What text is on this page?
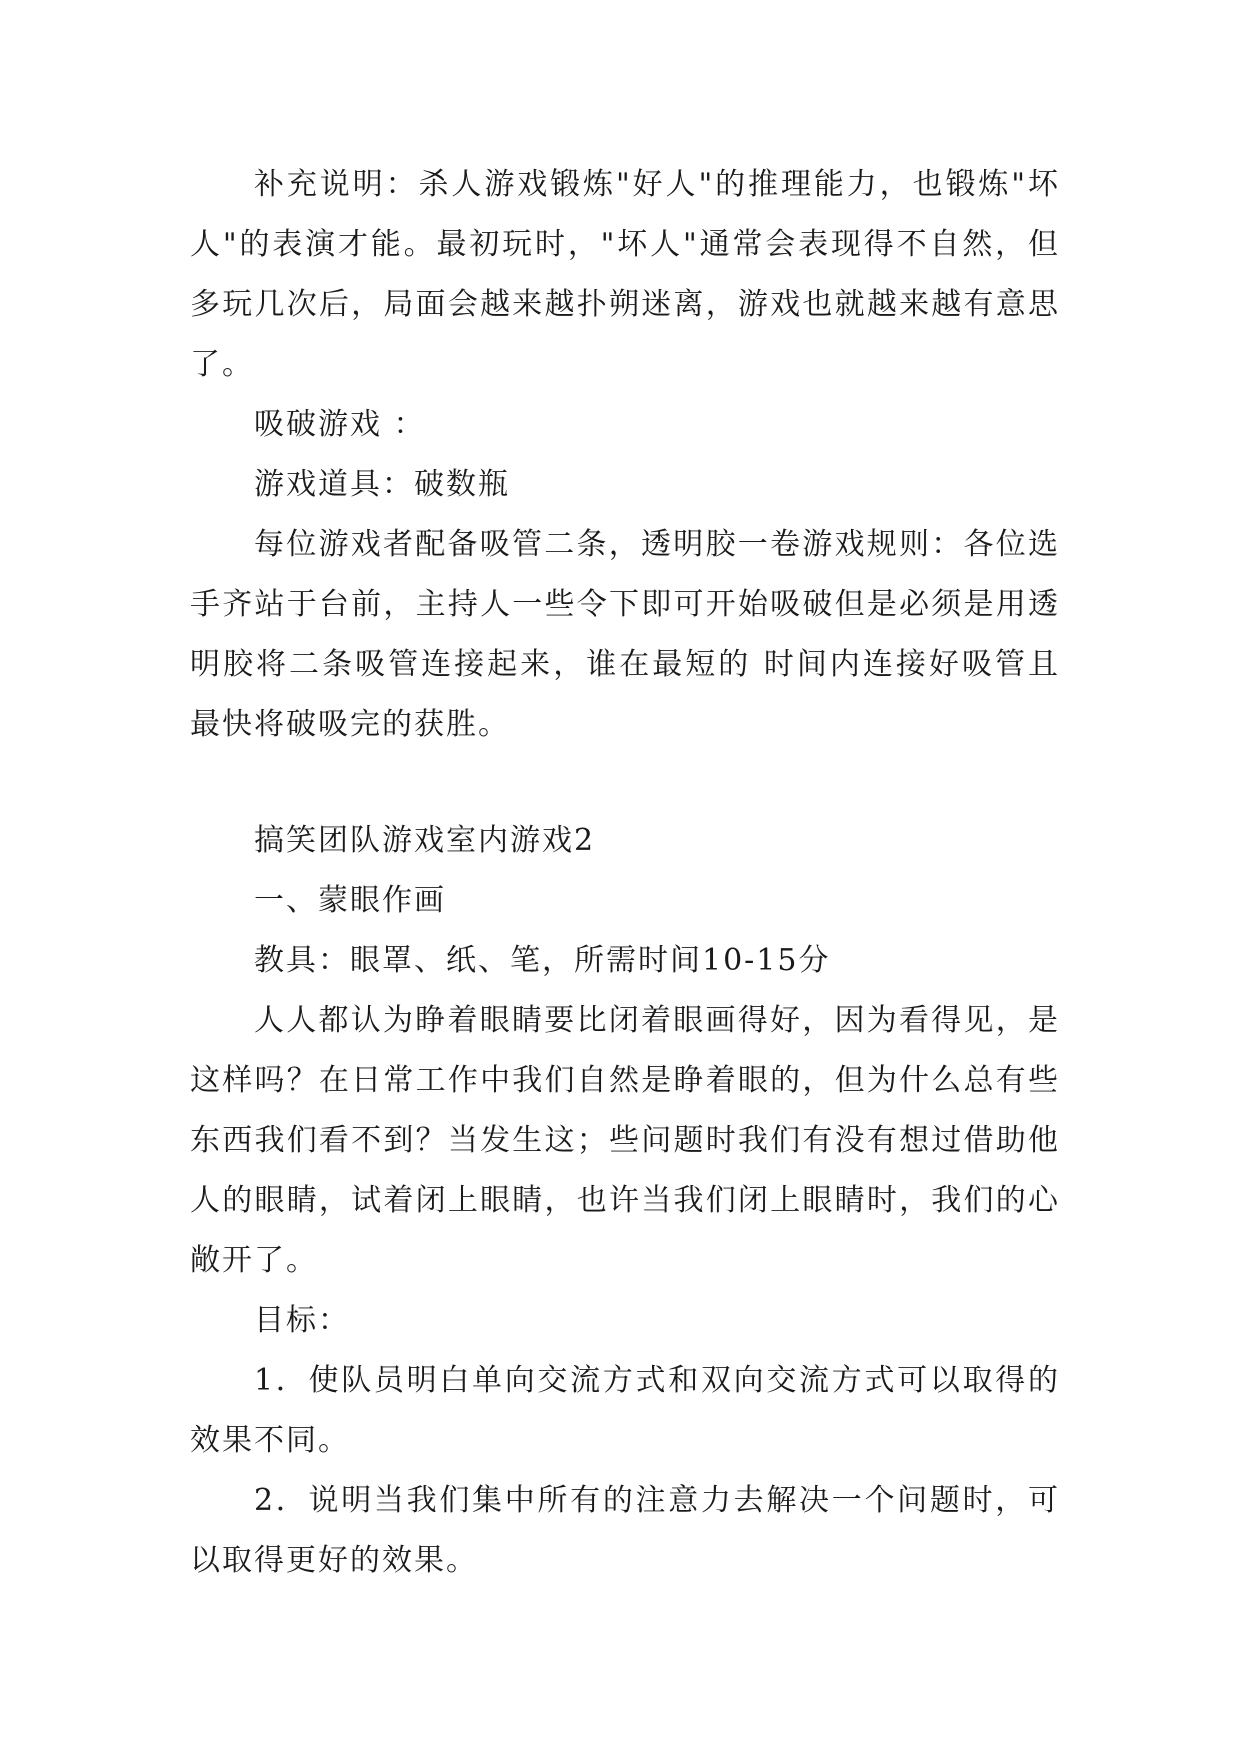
补充说明：杀人游戏锻炼"好人"的推理能力，也锻炼"坏人"的表演才能。最初玩时，"坏人"通常会表现得不自然，但多玩几次后，局面会越来越扑朔迷离，游戏也就越来越有意思了。

吸破游戏 ：

游戏道具：破数瓶

每位游戏者配备吸管二条，透明胶一卷游戏规则：各位选手齐站于台前，主持人一些令下即可开始吸破但是必须是用透明胶将二条吸管连接起来，谁在最短的 时间内连接好吸管且最快将破吸完的获胜。

搞笑团队游戏室内游戏2

一、蒙眼作画

教具：眼罩、纸、笔，所需时间10-15分

人人都认为睁着眼睛要比闭着眼画得好，因为看得见，是这样吗？在日常工作中我们自然是睁着眼的，但为什么总有些东西我们看不到？当发生这；些问题时我们有没有想过借助他人的眼睛，试着闭上眼睛，也许当我们闭上眼睛时，我们的心敞开了。

目标：

1．使队员明白单向交流方式和双向交流方式可以取得的效果不同。

2．说明当我们集中所有的注意力去解决一个问题时，可以取得更好的效果。
